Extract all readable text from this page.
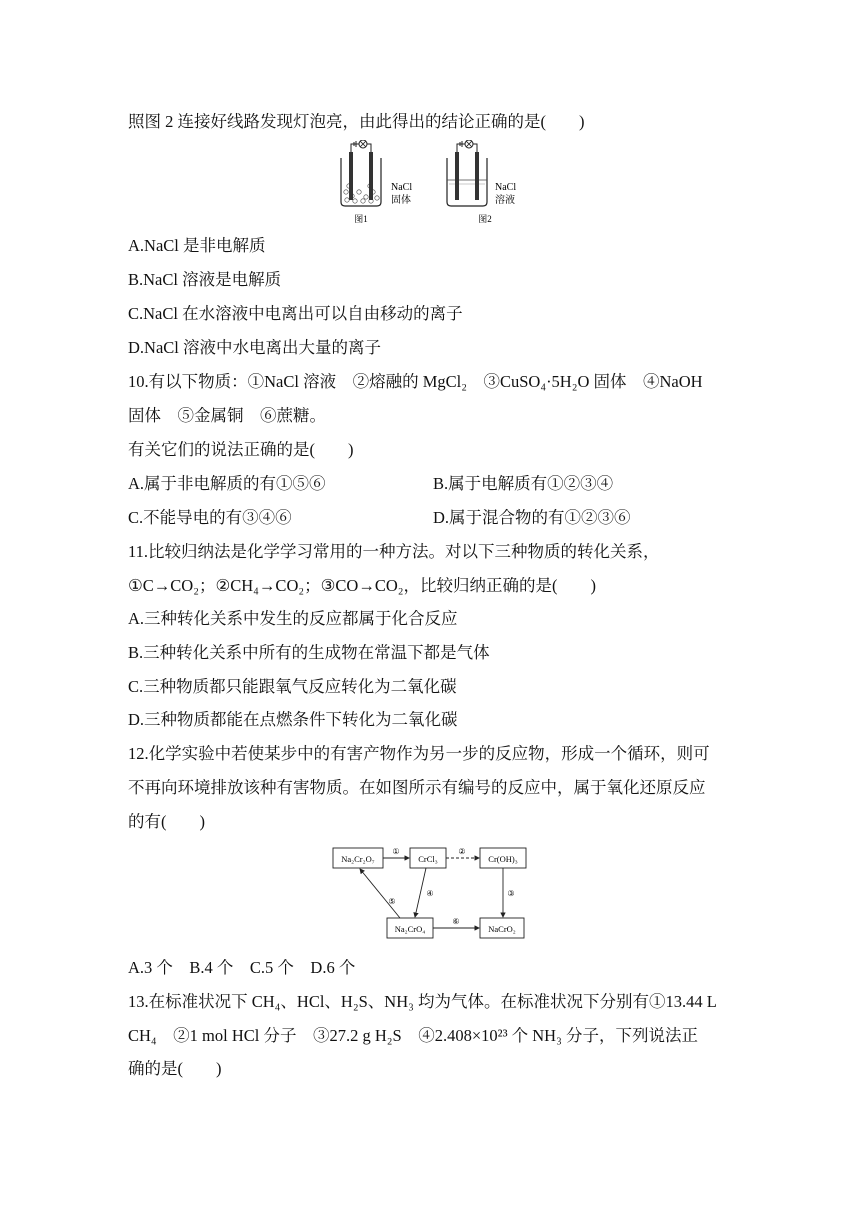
照图 2 连接好线路发现灯泡亮，由此得出的结论正确的是(　　)
NaCl
固体
图1
NaCl
溶液
图2
A.NaCl 是非电解质
B.NaCl 溶液是电解质
C.NaCl 在水溶液中电离出可以自由移动的离子
D.NaCl 溶液中水电离出大量的离子
10.有以下物质：①NaCl 溶液　②熔融的 MgCl₂　③CuSO₄·5H₂O 固体　④NaOH
固体　⑤金属铜　⑥蔗糖。
有关它们的说法正确的是(　　)
A.属于非电解质的有①⑤⑥	B.属于电解质有①②③④
C.不能导电的有③④⑥	D.属于混合物的有①②③⑥
11.比较归纳法是化学学习常用的一种方法。对以下三种物质的转化关系，
①C→CO₂；②CH₄→CO₂；③CO→CO₂，比较归纳正确的是(　　)
A.三种转化关系中发生的反应都属于化合反应
B.三种转化关系中所有的生成物在常温下都是气体
C.三种物质都只能跟氧气反应转化为二氧化碳
D.三种物质都能在点燃条件下转化为二氧化碳
12.化学实验中若使某步中的有害产物作为另一步的反应物，形成一个循环，则可
不再向环境排放该种有害物质。在如图所示有编号的反应中，属于氧化还原反应
的有(　　)
Na₂Cr₂O₇	CrCl₃	Cr(OH)₃
Na₂CrO₄	NaCrO₂
①	②
③
④
⑤
⑥
A.3 个　B.4 个　C.5 个　D.6 个
13.在标准状况下 CH₄、HCl、H₂S、NH₃ 均为气体。在标准状况下分别有①13.44 L
CH₄　②1 mol HCl 分子　③27.2 g H₂S　④2.408×10²³ 个 NH₃ 分子，下列说法正
确的是(　　)
